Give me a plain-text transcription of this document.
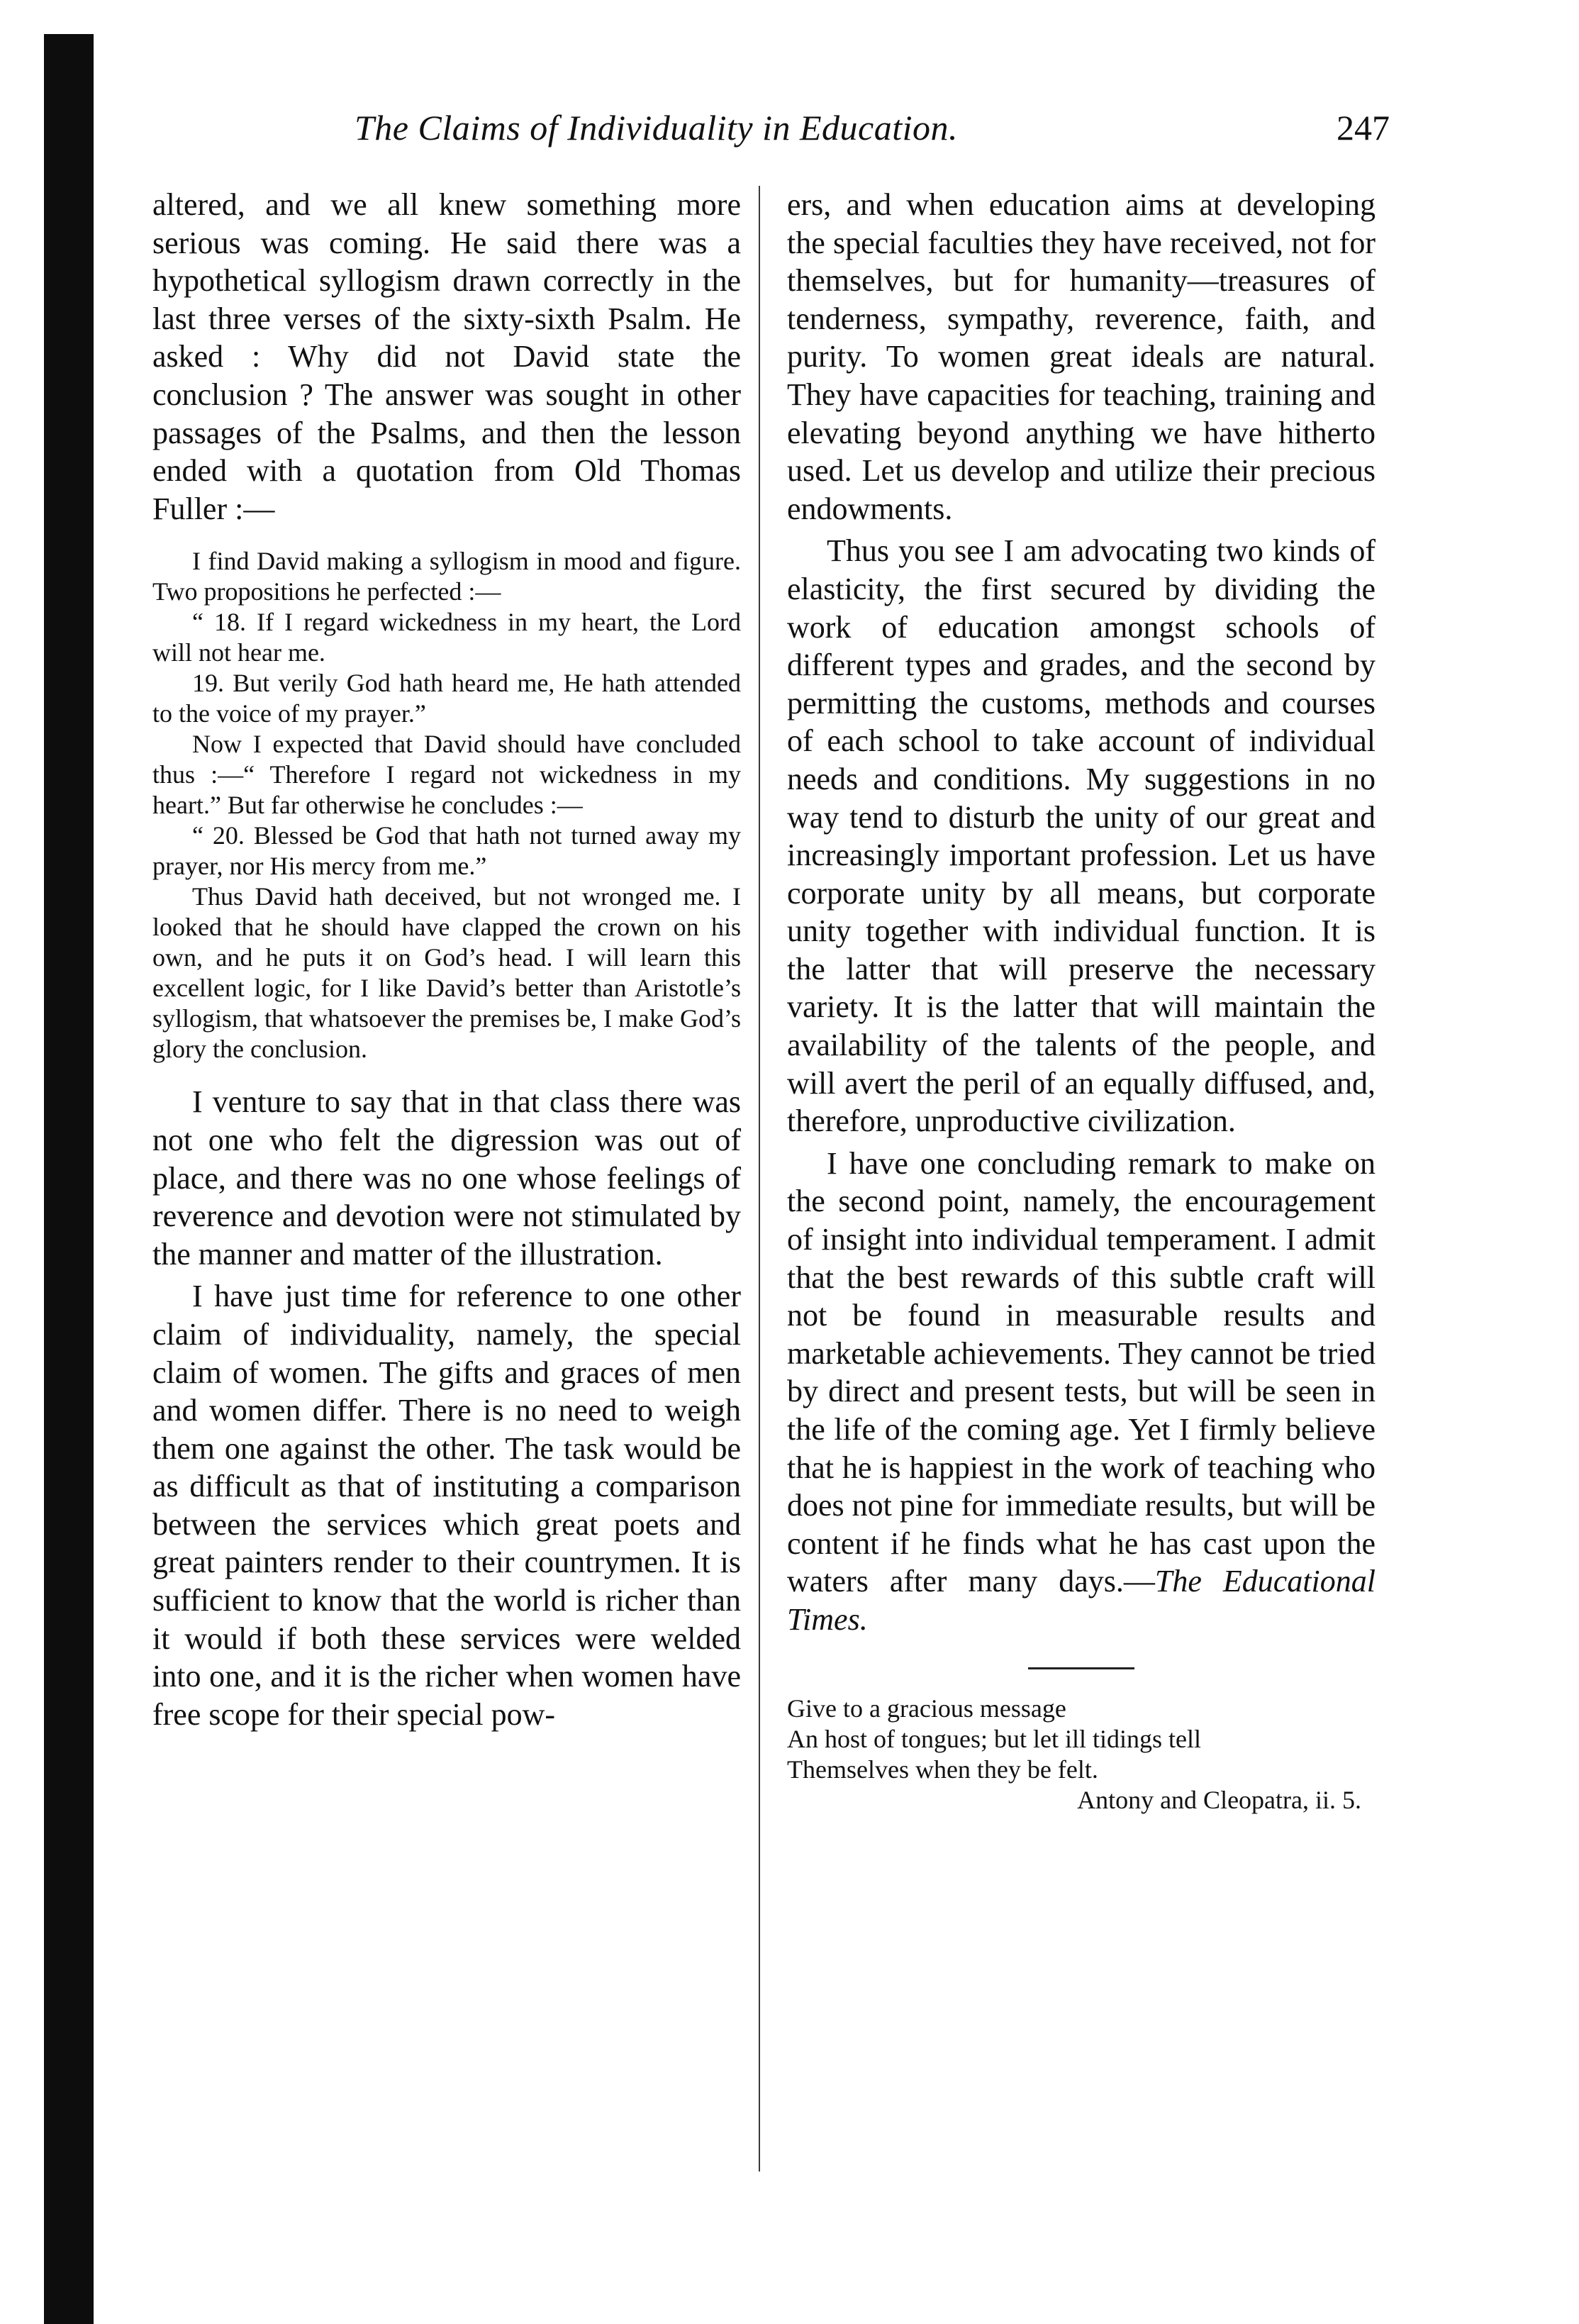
The Claims of Individuality in Education.	247

altered, and we all knew something more serious was coming. He said there was a hypothetical syllogism drawn correctly in the last three verses of the sixty-sixth Psalm. He asked : Why did not David state the conclusion ? The answer was sought in other passages of the Psalms, and then the lesson ended with a quotation from Old Thomas Fuller :—

I find David making a syllogism in mood and figure. Two propositions he perfected :—

“ 18. If I regard wickedness in my heart, the Lord will not hear me.

19. But verily God hath heard me, He hath attended to the voice of my prayer.”

Now I expected that David should have concluded thus :—“ Therefore I regard not wickedness in my heart.” But far otherwise he concludes :—

“ 20. Blessed be God that hath not turned away my prayer, nor His mercy from me.”

Thus David hath deceived, but not wronged me. I looked that he should have clapped the crown on his own, and he puts it on God’s head. I will learn this excellent logic, for I like David’s better than Aristotle’s syllogism, that whatsoever the premises be, I make God’s glory the conclusion.

I venture to say that in that class there was not one who felt the digression was out of place, and there was no one whose feelings of reverence and devotion were not stimulated by the manner and matter of the illustration.

I have just time for reference to one other claim of individuality, namely, the special claim of women. The gifts and graces of men and women differ. There is no need to weigh them one against the other. The task would be as difficult as that of instituting a comparison between the services which great poets and great painters render to their countrymen. It is sufficient to know that the world is richer than it would if both these services were welded into one, and it is the richer when women have free scope for their special pow-

ers, and when education aims at developing the special faculties they have received, not for themselves, but for humanity—treasures of tenderness, sympathy, reverence, faith, and purity. To women great ideals are natural. They have capacities for teaching, training and elevating beyond anything we have hitherto used. Let us develop and utilize their precious endowments.

Thus you see I am advocating two kinds of elasticity, the first secured by dividing the work of education amongst schools of different types and grades, and the second by permitting the customs, methods and courses of each school to take account of individual needs and conditions. My suggestions in no way tend to disturb the unity of our great and increasingly important profession. Let us have corporate unity by all means, but corporate unity together with individual function. It is the latter that will preserve the necessary variety. It is the latter that will maintain the availability of the talents of the people, and will avert the peril of an equally diffused, and, therefore, unproductive civilization.

I have one concluding remark to make on the second point, namely, the encouragement of insight into individual temperament. I admit that the best rewards of this subtle craft will not be found in measurable results and marketable achievements. They cannot be tried by direct and present tests, but will be seen in the life of the coming age. Yet I firmly believe that he is happiest in the work of teaching who does not pine for immediate results, but will be content if he finds what he has cast upon the waters after many days.—The Educational Times.

Give to a gracious message

An host of tongues; but let ill tidings tell

Themselves when they be felt.

Antony and Cleopatra, ii. 5.
